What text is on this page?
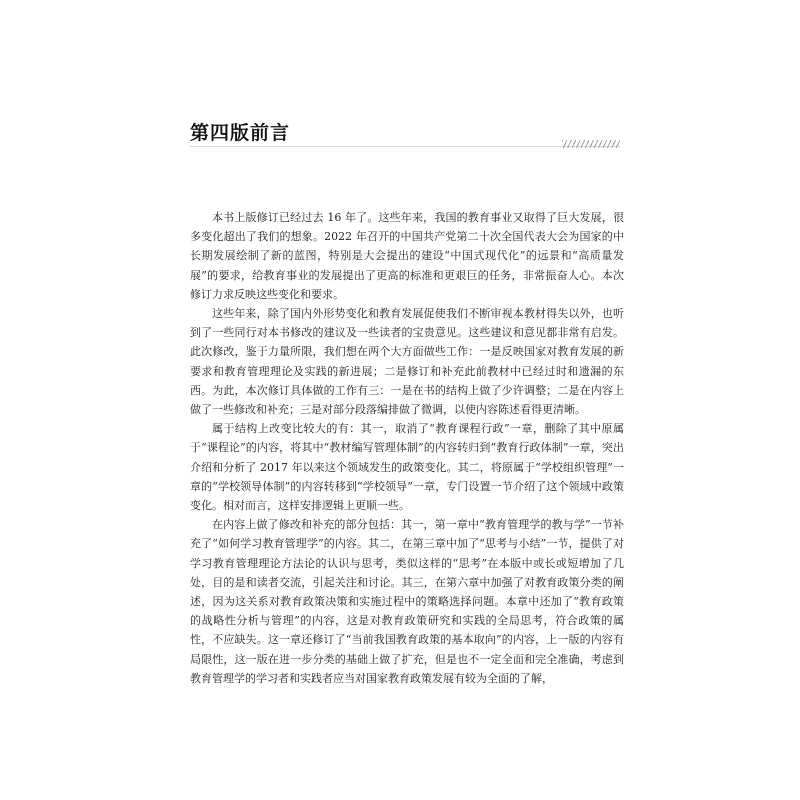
第四版前言

本书上版修订已经过去 16 年了。这些年来，我国的教育事业又取得了巨大发展，很多变化超出了我们的想象。2022 年召开的中国共产党第二十次全国代表大会为国家的中长期发展绘制了新的蓝图，特别是大会提出的建设“中国式现代化”的远景和“高质量发展”的要求，给教育事业的发展提出了更高的标准和更艰巨的任务，非常振奋人心。本次修订力求反映这些变化和要求。

这些年来，除了国内外形势变化和教育发展促使我们不断审视本教材得失以外，也听到了一些同行对本书修改的建议及一些读者的宝贵意见。这些建议和意见都非常有启发。此次修改，鉴于力量所限，我们想在两个大方面做些工作：一是反映国家对教育发展的新要求和教育管理理论及实践的新进展；二是修订和补充此前教材中已经过时和遗漏的东西。为此，本次修订具体做的工作有三：一是在书的结构上做了少许调整；二是在内容上做了一些修改和补充；三是对部分段落编排做了微调，以使内容陈述看得更清晰。

属于结构上改变比较大的有：其一，取消了“教育课程行政”一章，删除了其中原属于“课程论”的内容，将其中“教材编写管理体制”的内容转归到“教育行政体制”一章，突出介绍和分析了 2017 年以来这个领域发生的政策变化。其二，将原属于“学校组织管理”一章的“学校领导体制”的内容转移到“学校领导”一章，专门设置一节介绍了这个领域中政策变化。相对而言，这样安排逻辑上更顺一些。

在内容上做了修改和补充的部分包括：其一，第一章中“教育管理学的教与学”一节补充了“如何学习教育管理学”的内容。其二，在第三章中加了“思考与小结”一节，提供了对学习教育管理理论方法论的认识与思考，类似这样的“思考”在本版中或长或短增加了几处，目的是和读者交流，引起关注和讨论。其三，在第六章中加强了对教育政策分类的阐述，因为这关系对教育政策决策和实施过程中的策略选择问题。本章中还加了“教育政策的战略性分析与管理”的内容，这是对教育政策研究和实践的全局思考，符合政策的属性，不应缺失。这一章还修订了“当前我国教育政策的基本取向”的内容，上一版的内容有局限性，这一版在进一步分类的基础上做了扩充，但是也不一定全面和完全准确，考虑到教育管理学的学习者和实践者应当对国家教育政策发展有较为全面的了解，
